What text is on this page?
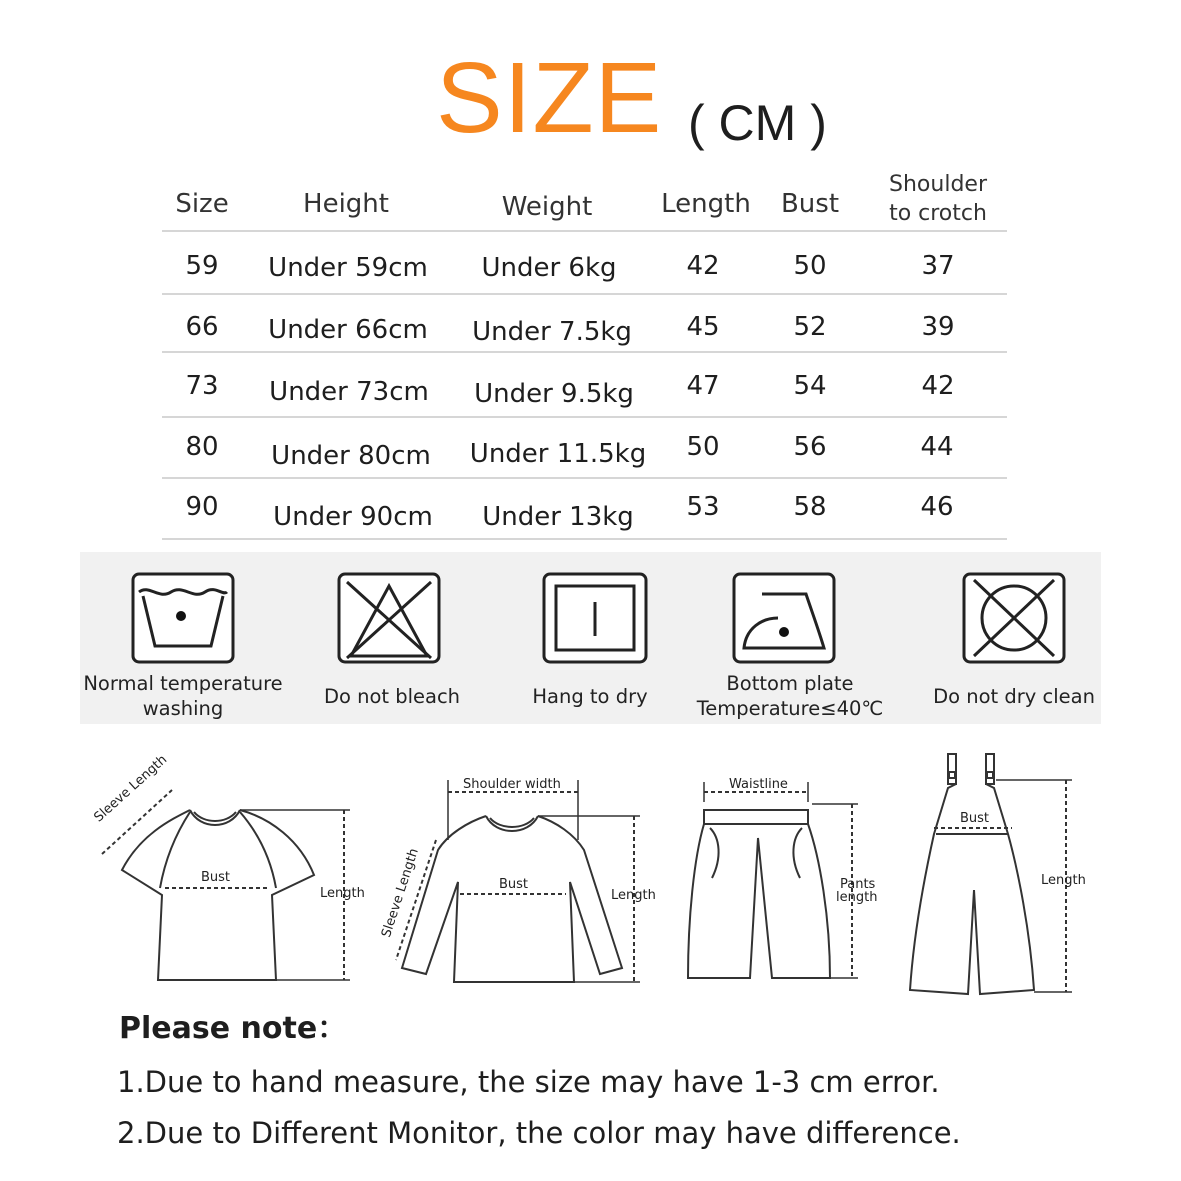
SIZE ( CM )
Size	Height	Weight	Length Bust
Shoulder
to crotch
59 Under 59cm Under 6kg	42	50	37
66 Under 66cm Under 7.5kg 45	52	39
73 Under 73cm Under 9.5kg 47	54	42
80 Under 80cm Under 11.5kg 50	56	44
90 Under 90cm Under 13kg 53	58	46
Normal temperature
washing
Do not bleach	Hang to dry
Bottom plate
Temperature≤40℃
Do not dry clean
Sleeve Length
Bust
Length
Shoulder width
Sleeve Length	Bust
Length
Waistline
Pants
length
Bust
Length
Please note：
1.Due to hand measure, the size may have 1-3 cm error.
2.Due to Different Monitor, the color may have difference.
